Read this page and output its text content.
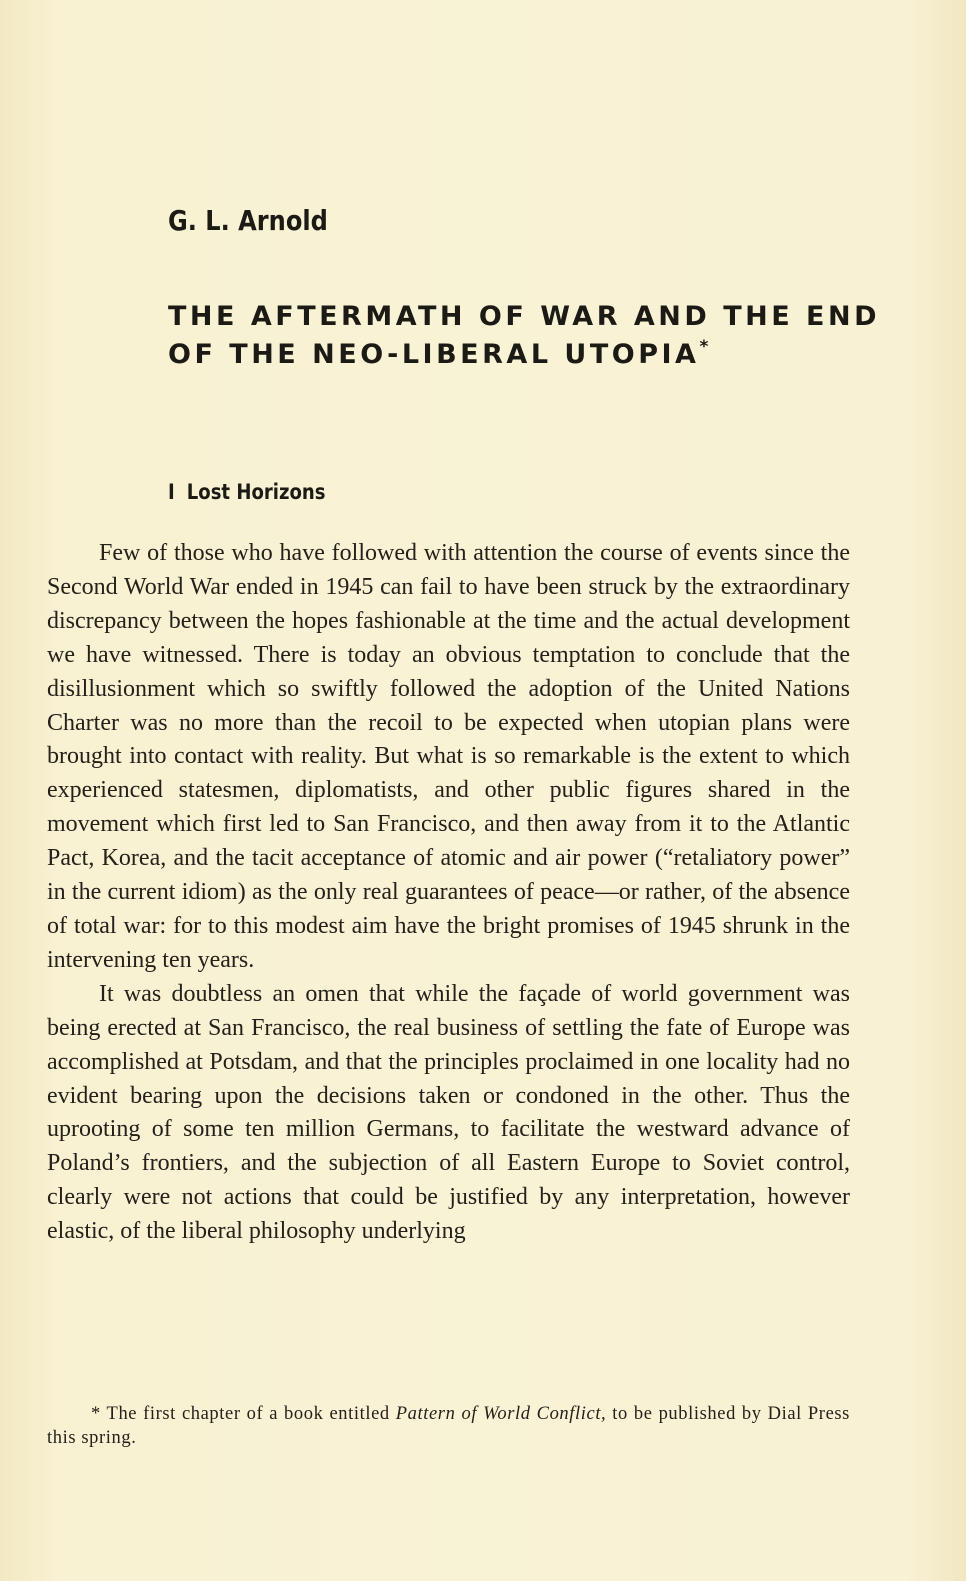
G. L. Arnold
THE AFTERMATH OF WAR AND THE END
OF THE NEO-LIBERAL UTOPIA*
I Lost Horizons

Few of those who have followed with attention the course of events since the Second World War ended in 1945 can fail to have been struck by the extraordinary discrepancy between the hopes fashionable at the time and the actual development we have witnessed. There is today an obvious temptation to conclude that the disillusionment which so swiftly followed the adoption of the United Nations Charter was no more than the recoil to be expected when utopian plans were brought into contact with reality. But what is so remarkable is the extent to which experienced statesmen, diplomatists, and other public figures shared in the movement which first led to San Francisco, and then away from it to the Atlantic Pact, Korea, and the tacit acceptance of atomic and air power (“retaliatory power” in the current idiom) as the only real guarantees of peace—or rather, of the absence of total war: for to this modest aim have the bright promises of 1945 shrunk in the intervening ten years.

It was doubtless an omen that while the façade of world government was being erected at San Francisco, the real business of settling the fate of Europe was accomplished at Potsdam, and that the principles proclaimed in one locality had no evident bearing upon the decisions taken or condoned in the other. Thus the uprooting of some ten million Germans, to facilitate the westward advance of Poland’s frontiers, and the subjection of all Eastern Europe to Soviet control, clearly were not actions that could be justified by any interpretation, however elastic, of the liberal philosophy underlying

* The first chapter of a book entitled Pattern of World Conflict, to be published by Dial Press this spring.
